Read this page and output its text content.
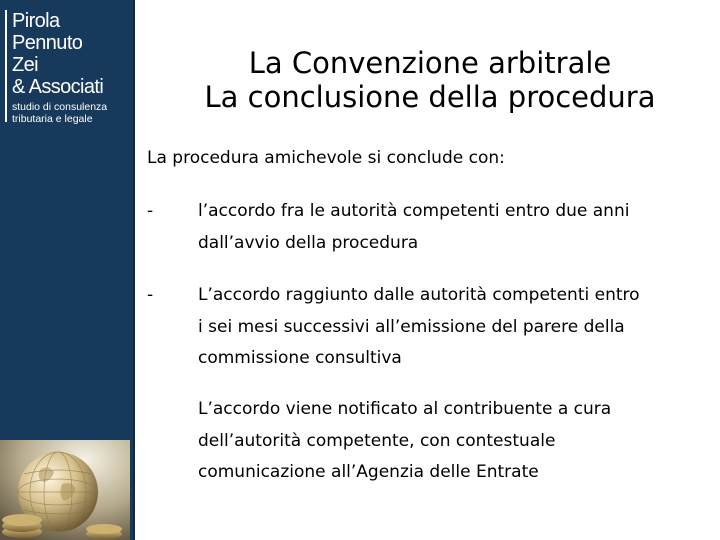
Pirola
Pennuto
Zei
& Associati
studio di consulenza
tributaria e legale
La Convenzione arbitrale
La conclusione della procedura
La procedura amichevole si conclude con:
-	l’accordo fra le autorità competenti entro due anni
dall’avvio della procedura
-	L’accordo raggiunto dalle autorità competenti entro
i sei mesi successivi all’emissione del parere della
commissione consultiva
L’accordo viene notificato al contribuente a cura
dell’autorità competente, con contestuale
comunicazione all’Agenzia delle Entrate
